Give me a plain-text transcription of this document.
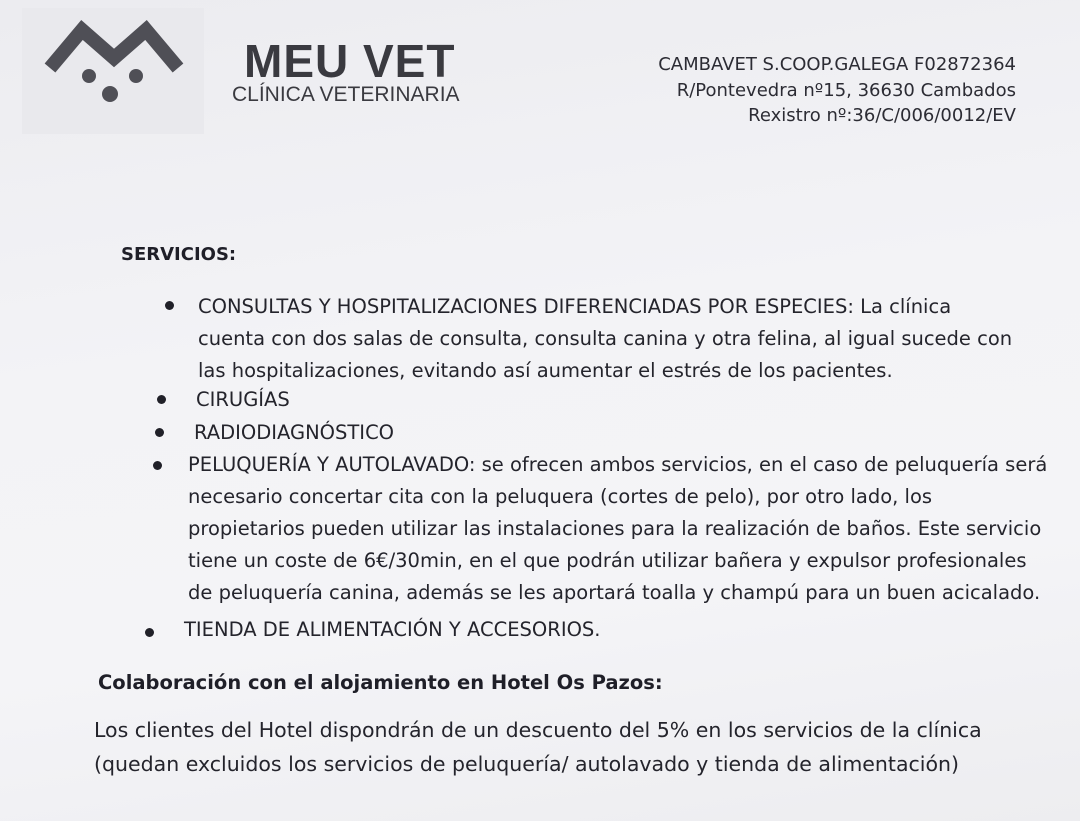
MEU VET
CLÍNICA VETERINARIA
CAMBAVET S.COOP.GALEGA F02872364
R/Pontevedra nº15, 36630 Cambados
Rexistro nº:36/C/006/0012/EV
SERVICIOS:
CONSULTAS Y HOSPITALIZACIONES DIFERENCIADAS POR ESPECIES: La clínica cuenta con dos salas de consulta, consulta canina y otra felina, al igual sucede con las hospitalizaciones, evitando así aumentar el estrés de los pacientes.
CIRUGÍAS
RADIODIAGNÓSTICO
PELUQUERÍA Y AUTOLAVADO: se ofrecen ambos servicios, en el caso de peluquería será necesario concertar cita con la peluquera (cortes de pelo), por otro lado, los propietarios pueden utilizar las instalaciones para la realización de baños. Este servicio tiene un coste de 6€/30min, en el que podrán utilizar bañera y expulsor profesionales de peluquería canina, además se les aportará toalla y champú para un buen acicalado.
TIENDA DE ALIMENTACIÓN Y ACCESORIOS.
Colaboración con el alojamiento en Hotel Os Pazos:
Los clientes del Hotel dispondrán de un descuento del 5% en los servicios de la clínica (quedan excluidos los servicios de peluquería/ autolavado y tienda de alimentación)
